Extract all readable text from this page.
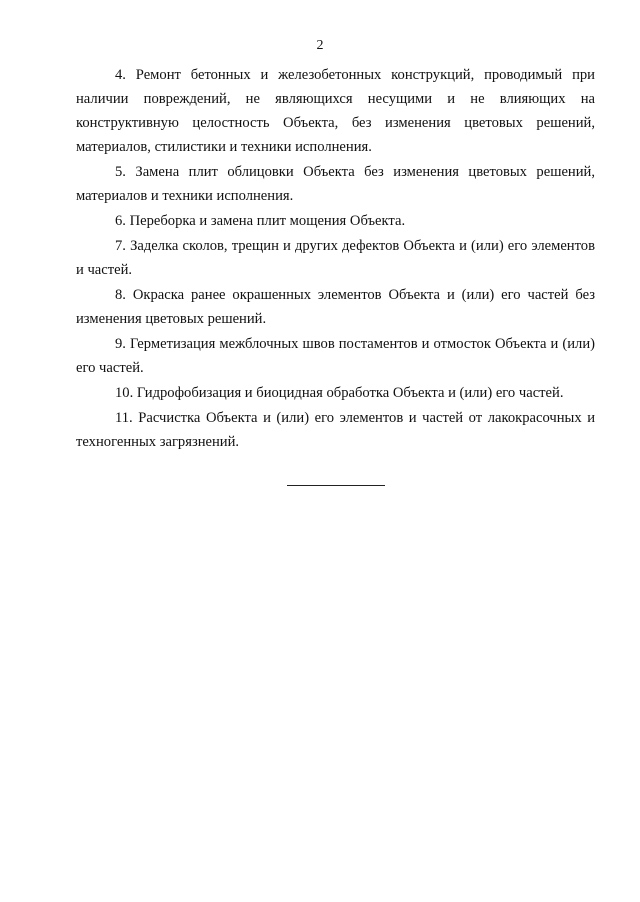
2

4. Ремонт бетонных и железобетонных конструкций, проводимый при наличии повреждений, не являющихся несущими и не влияющих на конструктивную целостность Объекта, без изменения цветовых решений, материалов, стилистики и техники исполнения.

5. Замена плит облицовки Объекта без изменения цветовых решений, материалов и техники исполнения.

6. Переборка и замена плит мощения Объекта.

7. Заделка сколов, трещин и других дефектов Объекта и (или) его элементов и частей.

8. Окраска ранее окрашенных элементов Объекта и (или) его частей без изменения цветовых решений.

9. Герметизация межблочных швов постаментов и отмосток Объекта и (или) его частей.

10. Гидрофобизация и биоцидная обработка Объекта и (или) его частей.

11. Расчистка Объекта и (или) его элементов и частей от лакокрасочных и техногенных загрязнений.
